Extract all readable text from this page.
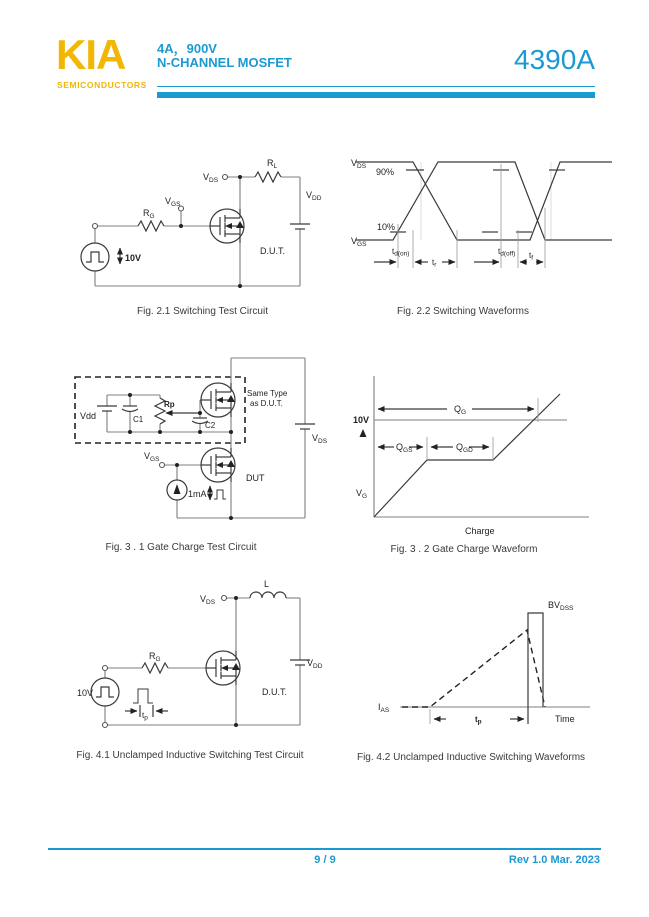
KIA
SEMICONDUCTORS
4A，900V
N-CHANNEL MOSFET	4390A
10V
$R_G$
$R_L$
$V_{GS}$
$V_{DS}$
$V_{DD}$
D.U.T.
Fig. 2.1 Switching Test Circuit
$V_{DS}$
$V_{GS}$
90%
10%
td(on)
tr
td(off) tf
Fig. 2.2 Switching Waveforms
Vdd	C1
Rp
C2
Same Type
as D.U.T.
$V_{GS}$
DUT
1mA
$V_{DS}$
Fig. 3 . 1 Gate Charge Test Circuit
10V
$V_G$
$Q_G$
$Q_{GS}$	$Q_{GD}$
Charge
Fig. 3 . 2 Gate Charge Waveform
tp
10V
$R_G$
$V_{DS}$
L
$V_{DD}$
D.U.T.
Fig. 4.1 Unclamped Inductive Switching Test Circuit
$I_{AS}$
$BV_{DSS}$
tp	Time
Fig. 4.2 Unclamped Inductive Switching Waveforms
9 / 9	Rev 1.0 Mar. 2023
